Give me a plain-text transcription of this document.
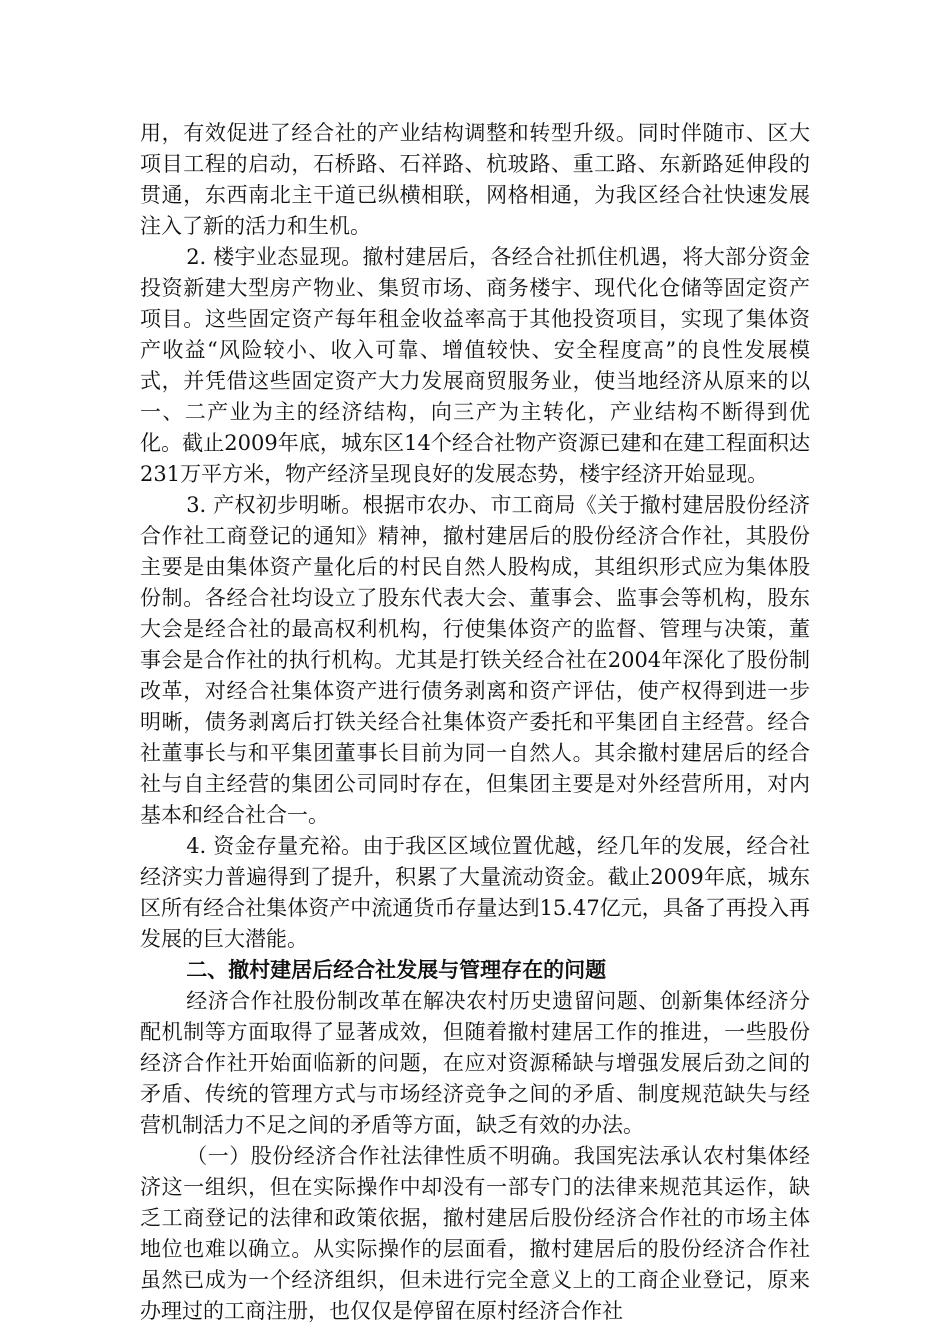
用，有效促进了经合社的产业结构调整和转型升级。同时伴随市、区大项目工程的启动，石桥路、石祥路、杭玻路、重工路、东新路延伸段的贯通，东西南北主干道已纵横相联，网格相通，为我区经合社快速发展注入了新的活力和生机。

2. 楼宇业态显现。撤村建居后，各经合社抓住机遇，将大部分资金投资新建大型房产物业、集贸市场、商务楼宇、现代化仓储等固定资产项目。这些固定资产每年租金收益率高于其他投资项目，实现了集体资产收益“风险较小、收入可靠、增值较快、安全程度高”的良性发展模式，并凭借这些固定资产大力发展商贸服务业，使当地经济从原来的以一、二产业为主的经济结构，向三产为主转化，产业结构不断得到优化。截止2009年底，城东区14个经合社物产资源已建和在建工程面积达231万平方米，物产经济呈现良好的发展态势，楼宇经济开始显现。

3. 产权初步明晰。根据市农办、市工商局《关于撤村建居股份经济合作社工商登记的通知》精神，撤村建居后的股份经济合作社，其股份主要是由集体资产量化后的村民自然人股构成，其组织形式应为集体股份制。各经合社均设立了股东代表大会、董事会、监事会等机构，股东大会是经合社的最高权利机构，行使集体资产的监督、管理与决策，董事会是合作社的执行机构。尤其是打铁关经合社在2004年深化了股份制改革，对经合社集体资产进行债务剥离和资产评估，使产权得到进一步明晰，债务剥离后打铁关经合社集体资产委托和平集团自主经营。经合社董事长与和平集团董事长目前为同一自然人。其余撤村建居后的经合社与自主经营的集团公司同时存在，但集团主要是对外经营所用，对内基本和经合社合一。

4. 资金存量充裕。由于我区区域位置优越，经几年的发展，经合社经济实力普遍得到了提升，积累了大量流动资金。截止2009年底，城东区所有经合社集体资产中流通货币存量达到15.47亿元，具备了再投入再发展的巨大潜能。

二、撤村建居后经合社发展与管理存在的问题

经济合作社股份制改革在解决农村历史遗留问题、创新集体经济分配机制等方面取得了显著成效，但随着撤村建居工作的推进，一些股份经济合作社开始面临新的问题，在应对资源稀缺与增强发展后劲之间的矛盾、传统的管理方式与市场经济竞争之间的矛盾、制度规范缺失与经营机制活力不足之间的矛盾等方面，缺乏有效的办法。

（一）股份经济合作社法律性质不明确。我国宪法承认农村集体经济这一组织，但在实际操作中却没有一部专门的法律来规范其运作，缺乏工商登记的法律和政策依据，撤村建居后股份经济合作社的市场主体地位也难以确立。从实际操作的层面看，撤村建居后的股份经济合作社虽然已成为一个经济组织，但未进行完全意义上的工商企业登记，原来办理过的工商注册，也仅仅是停留在原村经济合作社
